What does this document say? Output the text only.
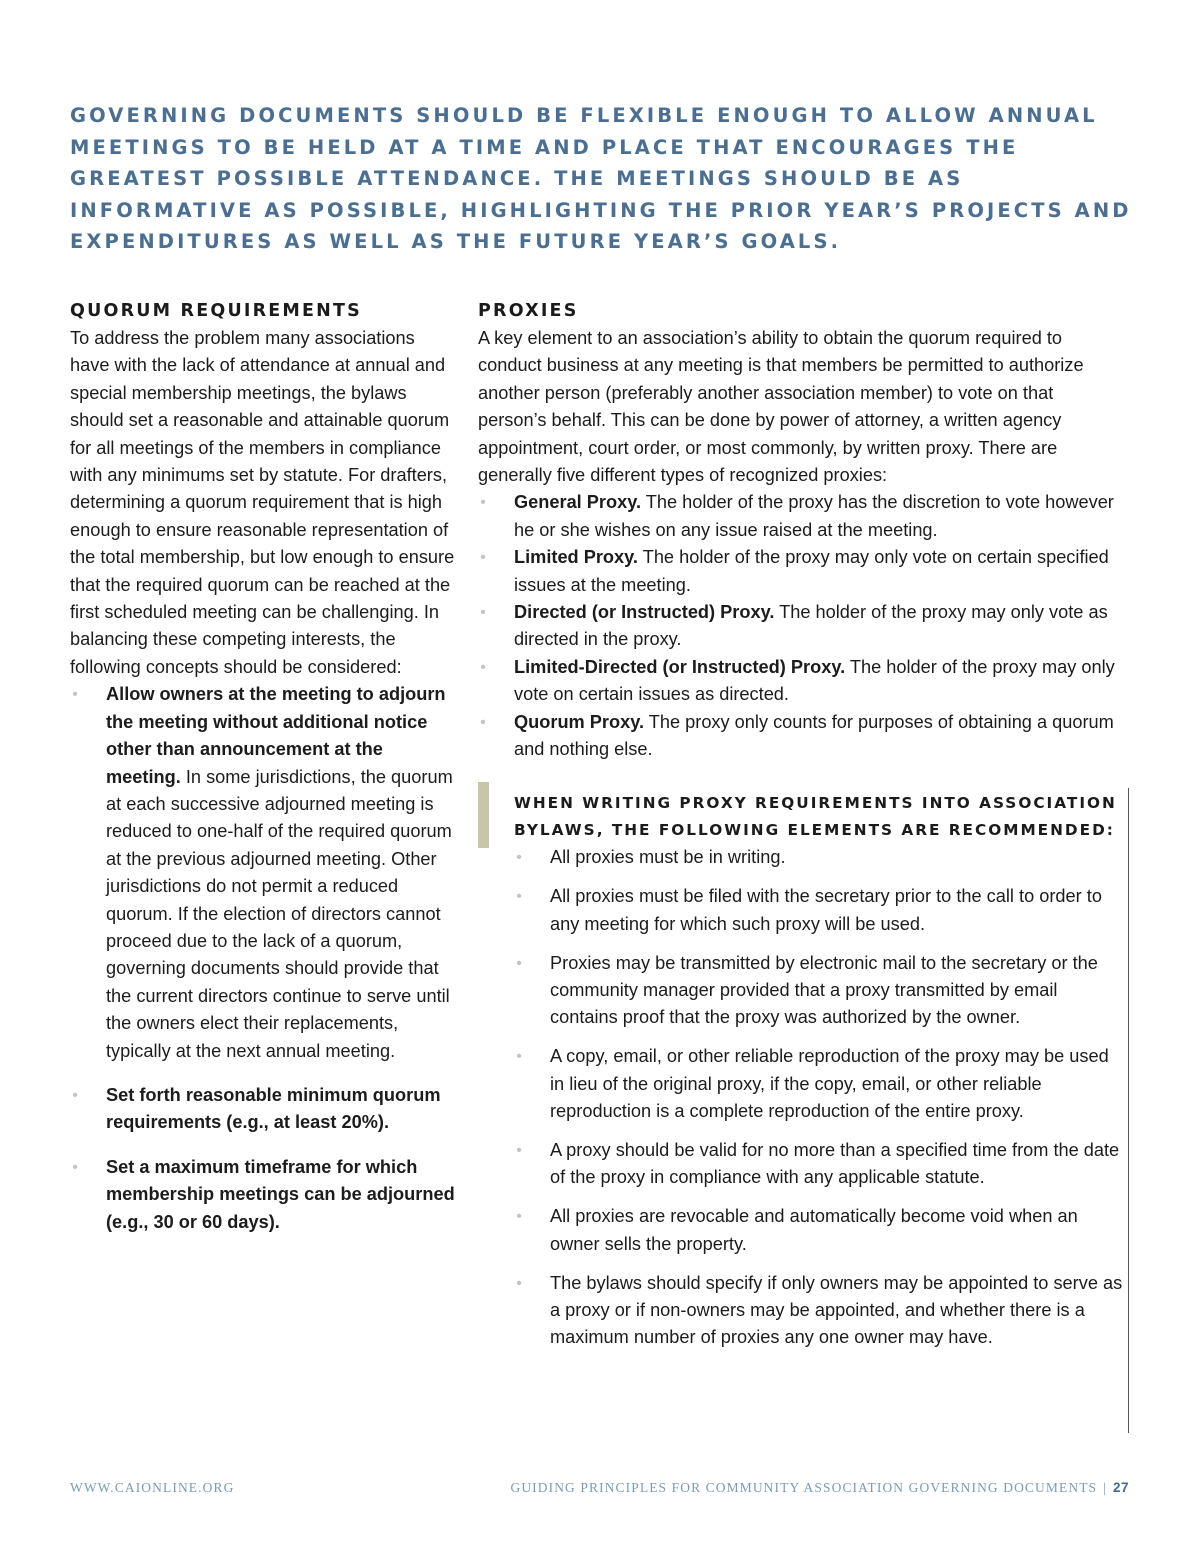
GOVERNING DOCUMENTS SHOULD BE FLEXIBLE ENOUGH TO ALLOW ANNUAL MEETINGS TO BE HELD AT A TIME AND PLACE THAT ENCOURAGES THE GREATEST POSSIBLE ATTENDANCE. THE MEETINGS SHOULD BE AS INFORMATIVE AS POSSIBLE, HIGHLIGHTING THE PRIOR YEAR’S PROJECTS AND EXPENDITURES AS WELL AS THE FUTURE YEAR’S GOALS.

QUORUM REQUIREMENTS

To address the problem many associations have with the lack of attendance at annual and special membership meetings, the bylaws should set a reasonable and attainable quorum for all meetings of the members in compliance with any minimums set by statute. For drafters, determining a quorum requirement that is high enough to ensure reasonable representation of the total membership, but low enough to ensure that the required quorum can be reached at the first scheduled meeting can be challenging. In balancing these competing interests, the following concepts should be considered:

• Allow owners at the meeting to adjourn the meeting without additional notice other than announcement at the meeting. In some jurisdictions, the quorum at each successive adjourned meeting is reduced to one-half of the required quorum at the previous adjourned meeting. Other jurisdictions do not permit a reduced quorum. If the election of directors cannot proceed due to the lack of a quorum, governing documents should provide that the current directors continue to serve until the owners elect their replacements, typically at the next annual meeting.
• Set forth reasonable minimum quorum requirements (e.g., at least 20%).
• Set a maximum timeframe for which membership meetings can be adjourned (e.g., 30 or 60 days).
PROXIES

A key element to an association’s ability to obtain the quorum required to conduct business at any meeting is that members be permitted to authorize another person (preferably another association member) to vote on that person’s behalf. This can be done by power of attorney, a written agency appointment, court order, or most commonly, by written proxy. There are generally five different types of recognized proxies:

• General Proxy. The holder of the proxy has the discretion to vote however he or she wishes on any issue raised at the meeting.
• Limited Proxy. The holder of the proxy may only vote on certain specified issues at the meeting.
• Directed (or Instructed) Proxy. The holder of the proxy may only vote as directed in the proxy.
• Limited-Directed (or Instructed) Proxy. The holder of the proxy may only vote on certain issues as directed.
• Quorum Proxy. The proxy only counts for purposes of obtaining a quorum and nothing else.
WHEN WRITING PROXY REQUIREMENTS INTO ASSOCIATION BYLAWS, THE FOLLOWING ELEMENTS ARE RECOMMENDED:
• All proxies must be in writing.
• All proxies must be filed with the secretary prior to the call to order to any meeting for which such proxy will be used.
• Proxies may be transmitted by electronic mail to the secretary or the community manager provided that a proxy transmitted by email contains proof that the proxy was authorized by the owner.
• A copy, email, or other reliable reproduction of the proxy may be used in lieu of the original proxy, if the copy, email, or other reliable reproduction is a complete reproduction of the entire proxy.
• A proxy should be valid for no more than a specified time from the date of the proxy in compliance with any applicable statute.
• All proxies are revocable and automatically become void when an owner sells the property.
• The bylaws should specify if only owners may be appointed to serve as a proxy or if non-owners may be appointed, and whether there is a maximum number of proxies any one owner may have.
WWW.CAIONLINE.ORG	GUIDING PRINCIPLES FOR COMMUNITY ASSOCIATION GOVERNING DOCUMENTS | 27
